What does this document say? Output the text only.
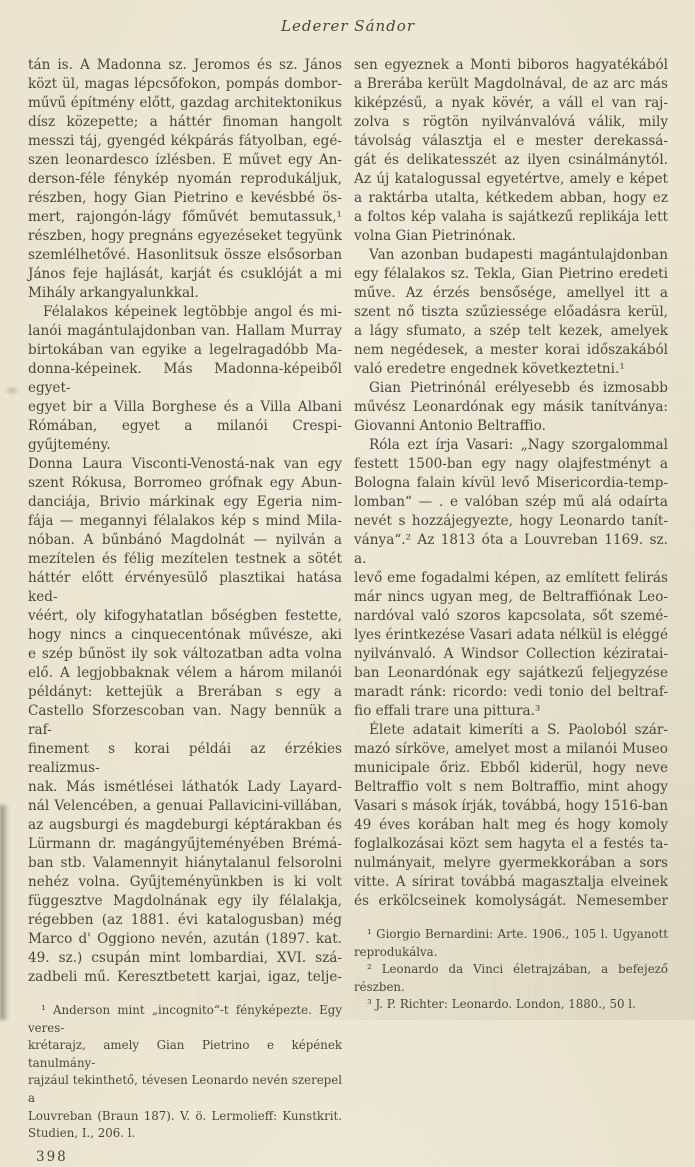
Lederer Sándor
tán is. A Madonna sz. Jeromos és sz. János
közt ül, magas lépcsőfokon, pompás dombor-
művű építmény előtt, gazdag architektonikus
dísz közepette; a háttér finoman hangolt
messzi táj, gyengéd kékpárás fátyolban, egé-
szen leonardesco ízlésben. E művet egy An-
derson-féle fénykép nyomán reprodukáljuk,
részben, hogy Gian Pietrino e kevésbbé ös-
mert, rajongón-lágy főművét bemutassuk,¹
részben, hogy pregnáns egyezéseket tegyünk
szemlélhetővé. Hasonlitsuk össze elsősorban
János feje hajlását, karját és csuklóját a mi
Mihály arkangyalunkkal.
Félalakos képeinek legtöbbje angol és mi-
lanói magántulajdonban van. Hallam Murray
birtokában van egyike a legelragadóbb Ma-
donna-képeinek. Más Madonna-képeiből egyet-
egyet bir a Villa Borghese és a Villa Albani
Rómában, egyet a milanói Crespi-gyűjtemény.
Donna Laura Visconti-Venostá-nak van egy
szent Rókusa, Borromeo grófnak egy Abun-
danciája, Brivio márkinak egy Egeria nim-
fája — megannyi félalakos kép s mind Mila-
nóban. A bűnbánó Magdolnát — nyilván a
mezítelen és félig mezítelen testnek a sötét
háttér előtt érvényesülő plasztikai hatása ked-
véért, oly kifogyhatatlan bőségben festette,
hogy nincs a cinquecentónak művésze, aki
e szép bűnöst ily sok változatban adta volna
elő. A legjobbaknak vélem a három milanói
példányt: kettejük a Brerában s egy a
Castello Sforzescoban van. Nagy bennük a raf-
finement s korai példái az érzékies realizmus-
nak. Más ismétlései láthatók Lady Layard-
nál Velencében, a genuai Pallavicini-villában,
az augsburgi és magdeburgi képtárakban és
Lürmann dr. magángyűjteményében Brémá-
ban stb. Valamennyit hiánytalanul felsorolni
nehéz volna. Gyűjteményünkben is ki volt
függesztve Magdolnának egy ily félalakja,
régebben (az 1881. évi katalogusban) még
Marco d' Oggiono nevén, azután (1897. kat.
49. sz.) csupán mint lombardiai, XVI. szá-
zadbeli mű. Keresztbetett karjai, igaz, telje-
¹ Anderson mint „incognito“-t fényképezte. Egy veres-
krétarajz, amely Gian Pietrino e képének tanulmány-
rajzául tekinthető, tévesen Leonardo nevén szerepel a
Louvreban (Braun 187). V. ö. Lermolieff: Kunstkrit.
Studien, I., 206. l.
398
sen egyeznek a Monti biboros hagyatékából
a Brerába került Magdolnával, de az arc más
kiképzésű, a nyak kövér, a váll el van raj-
zolva s rögtön nyilvánvalóvá válik, mily
távolság választja el e mester derekassá-
gát és delikatesszét az ilyen csinálmánytól.
Az új katalogussal egyetértve, amely e képet
a raktárba utalta, kétkedem abban, hogy ez
a foltos kép valaha is sajátkezű replikája lett
volna Gian Pietrinónak.
Van azonban budapesti magántulajdonban
egy félalakos sz. Tekla, Gian Pietrino eredeti
műve. Az érzés bensősége, amellyel itt a
szent nő tiszta szűziessége előadásra kerül,
a lágy sfumato, a szép telt kezek, amelyek
nem negédesek, a mester korai időszakából
való eredetre engednek következtetni.¹
Gian Pietrinónál erélyesebb és izmosabb
művész Leonardónak egy másik tanítványa:
Giovanni Antonio Beltraffio.
Róla ezt írja Vasari: „Nagy szorgalommal
festett 1500-ban egy nagy olajfestményt a
Bologna falain kívül levő Misericordia-temp-
lomban“ — . e valóban szép mű alá odaírta
nevét s hozzájegyezte, hogy Leonardo tanít-
ványa“.² Az 1813 óta a Louvreban 1169. sz. a.
levő eme fogadalmi képen, az említett felirás
már nincs ugyan meg, de Beltraffiónak Leo-
nardóval való szoros kapcsolata, sőt szemé-
lyes érintkezése Vasari adata nélkül is eléggé
nyilvánvaló. A Windsor Collection kéziratai-
ban Leonardónak egy sajátkezű feljegyzése
maradt ránk: ricordo: vedi tonio del beltraf-
fio effali trare una pittura.³
Élete adatait kimeríti a S. Paoloból szár-
mazó sírköve, amelyet most a milanói Museo
municipale őriz. Ebből kiderül, hogy neve
Beltraffio volt s nem Boltraffio, mint ahogy
Vasari s mások írják, továbbá, hogy 1516-ban
49 éves korában halt meg és hogy komoly
foglalkozásai közt sem hagyta el a festés ta-
nulmányait, melyre gyermekkorában a sors
vitte. A sírirat továbbá magasztalja elveinek
és erkölcseinek komolyságát. Nemesember
¹ Giorgio Bernardini: Arte. 1906., 105 l. Ugyanott
reprodukálva.
² Leonardo da Vinci életrajzában, a befejező részben.
³ J. P. Richter: Leonardo. London, 1880., 50 l.
